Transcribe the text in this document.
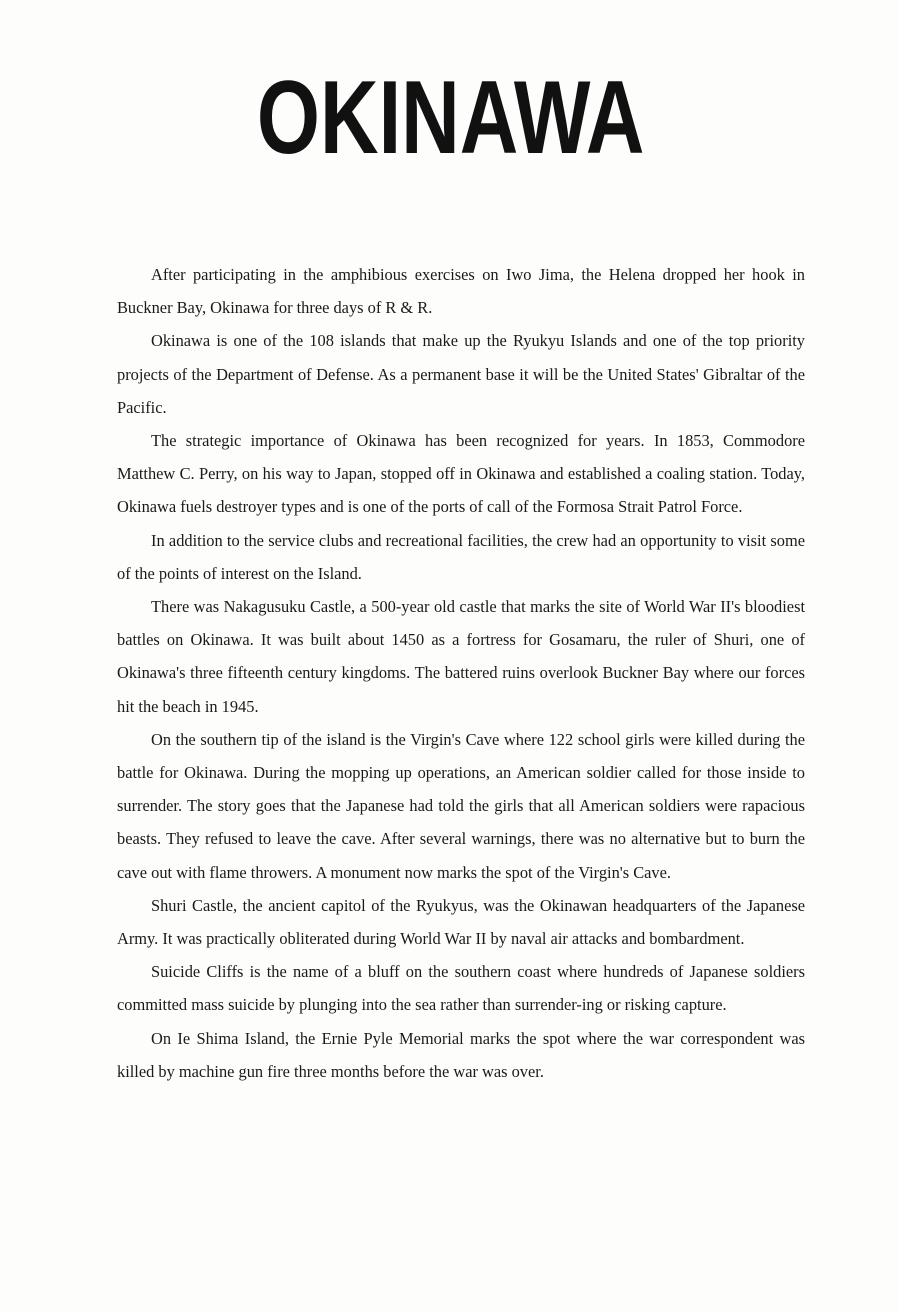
OKINAWA

After participating in the amphibious exercises on Iwo Jima, the Helena dropped her hook in Buckner Bay, Okinawa for three days of R & R.

Okinawa is one of the 108 islands that make up the Ryukyu Islands and one of the top priority projects of the Department of Defense. As a permanent base it will be the United States' Gibraltar of the Pacific.

The strategic importance of Okinawa has been recognized for years. In 1853, Commodore Matthew C. Perry, on his way to Japan, stopped off in Okinawa and established a coaling station. Today, Okinawa fuels destroyer types and is one of the ports of call of the Formosa Strait Patrol Force.

In addition to the service clubs and recreational facilities, the crew had an opportunity to visit some of the points of interest on the Island.

There was Nakagusuku Castle, a 500-year old castle that marks the site of World War II's bloodiest battles on Okinawa. It was built about 1450 as a fortress for Gosamaru, the ruler of Shuri, one of Okinawa's three fifteenth century kingdoms. The battered ruins overlook Buckner Bay where our forces hit the beach in 1945.

On the southern tip of the island is the Virgin's Cave where 122 school girls were killed during the battle for Okinawa. During the mopping up operations, an American soldier called for those inside to surrender. The story goes that the Japanese had told the girls that all American soldiers were rapacious beasts. They refused to leave the cave. After several warnings, there was no alternative but to burn the cave out with flame throwers. A monument now marks the spot of the Virgin's Cave.

Shuri Castle, the ancient capitol of the Ryukyus, was the Okinawan headquarters of the Japanese Army. It was practically obliterated during World War II by naval air attacks and bombardment.

Suicide Cliffs is the name of a bluff on the southern coast where hundreds of Japanese soldiers committed mass suicide by plunging into the sea rather than surrender-ing or risking capture.

On Ie Shima Island, the Ernie Pyle Memorial marks the spot where the war correspondent was killed by machine gun fire three months before the war was over.
